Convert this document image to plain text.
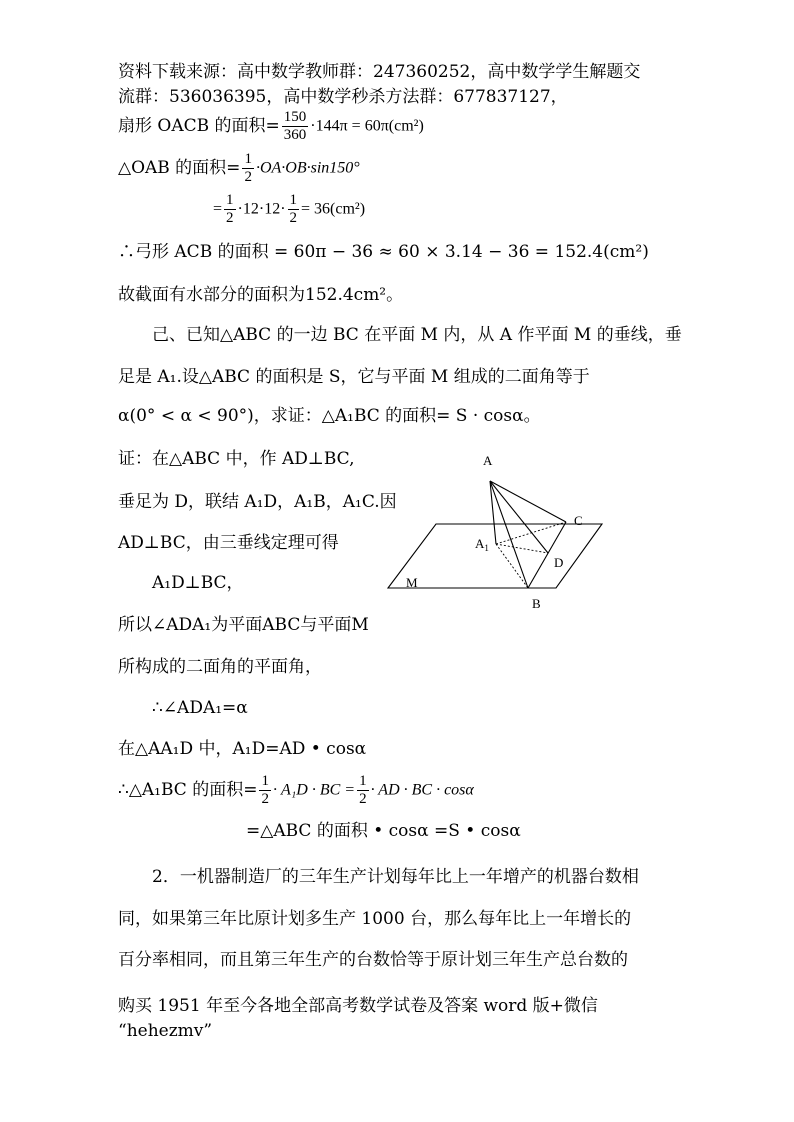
资料下载来源：高中数学教师群：247360252，高中数学学生解题交
流群：536036395，高中数学秒杀方法群：677837127，
扇形 OACB 的面积= $\frac{150}{360} \cdot 144\pi = 60\pi(cm^2)$
△OAB 的面积= $\frac{1}{2} \cdot OA\cdot OB\cdot\sin 150^\circ$
= $\frac{1}{2} \cdot 12\cdot 12\cdot \frac{1}{2} = 36(cm^2)$
∴弓形 ACB 的面积 = 60π − 36 ≈ 60 × 3.14 − 36 = 152.4(cm²)
故截面有水部分的面积为152.4cm²。
己、已知△ABC 的一边 BC 在平面 M 内，从 A 作平面 M 的垂线，垂
足是 A₁.设△ABC 的面积是 S，它与平面 M 组成的二面角等于
α(0° < α < 90°)，求证：△A₁BC 的面积= S · cosα。
证：在△ABC 中，作 AD⊥BC,
垂足为 D，联结 A₁D，A₁B，A₁C.因
AD⊥BC，由三垂线定理可得
A₁D⊥BC，
所以∠ADA₁为平面ABC与平面M
所构成的二面角的平面角，
∴∠ADA₁=α
在△AA₁D 中，A₁D=AD • cosα
∴△A₁BC 的面积= $\frac{1}{2} \cdot A_1D$ · BC = $\frac{1}{2}$ · AD · BC · cosα
=△ABC 的面积 • cosα =S • cosα
A
C
$A_1$
D
M
B
2．一机器制造厂的三年生产计划每年比上一年增产的机器台数相
同，如果第三年比原计划多生产 1000 台，那么每年比上一年增长的
百分率相同，而且第三年生产的台数恰等于原计划三年生产总台数的
购买 1951 年至今各地全部高考数学试卷及答案 word 版+微信
“hehezmv”
